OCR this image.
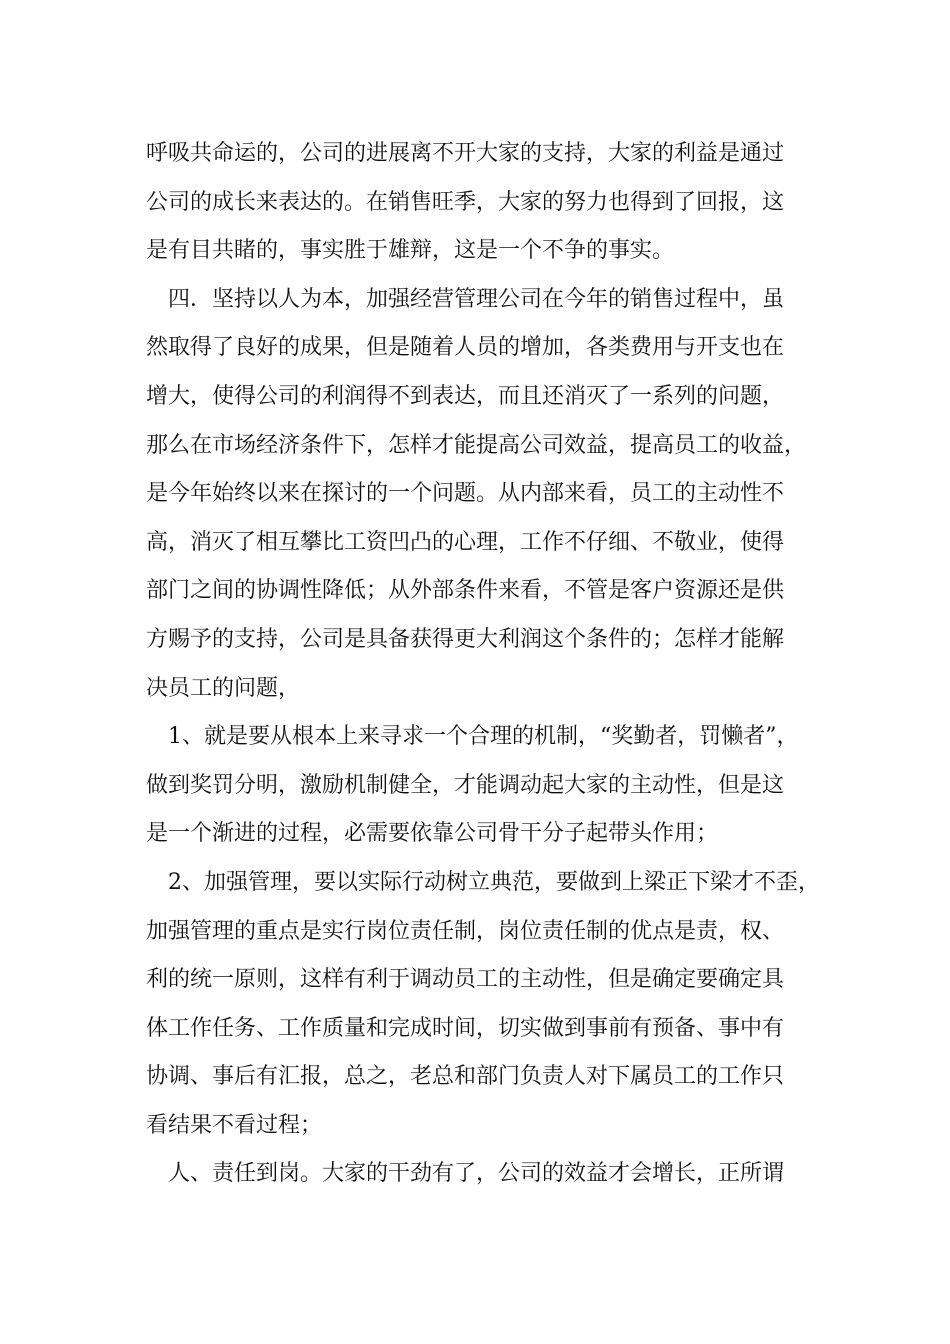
呼吸共命运的，公司的进展离不开大家的支持，大家的利益是通过
公司的成长来表达的。在销售旺季，大家的努力也得到了回报，这
是有目共睹的，事实胜于雄辩，这是一个不争的事实。
　四．坚持以人为本，加强经营管理公司在今年的销售过程中，虽
然取得了良好的成果，但是随着人员的增加，各类费用与开支也在
增大，使得公司的利润得不到表达，而且还消灭了一系列的问题，
那么在市场经济条件下，怎样才能提高公司效益，提高员工的收益，
是今年始终以来在探讨的一个问题。从内部来看，员工的主动性不
高，消灭了相互攀比工资凹凸的心理，工作不仔细、不敬业，使得
部门之间的协调性降低；从外部条件来看，不管是客户资源还是供
方赐予的支持，公司是具备获得更大利润这个条件的；怎样才能解
决员工的问题，
　1、就是要从根本上来寻求一个合理的机制，“奖勤者，罚懒者”，
做到奖罚分明，激励机制健全，才能调动起大家的主动性，但是这
是一个渐进的过程，必需要依靠公司骨干分子起带头作用；
　2、加强管理，要以实际行动树立典范，要做到上梁正下梁才不歪，
加强管理的重点是实行岗位责任制，岗位责任制的优点是责，权、
利的统一原则，这样有利于调动员工的主动性，但是确定要确定具
体工作任务、工作质量和完成时间，切实做到事前有预备、事中有
协调、事后有汇报，总之，老总和部门负责人对下属员工的工作只
看结果不看过程；
　人、责任到岗。大家的干劲有了，公司的效益才会增长，正所谓
